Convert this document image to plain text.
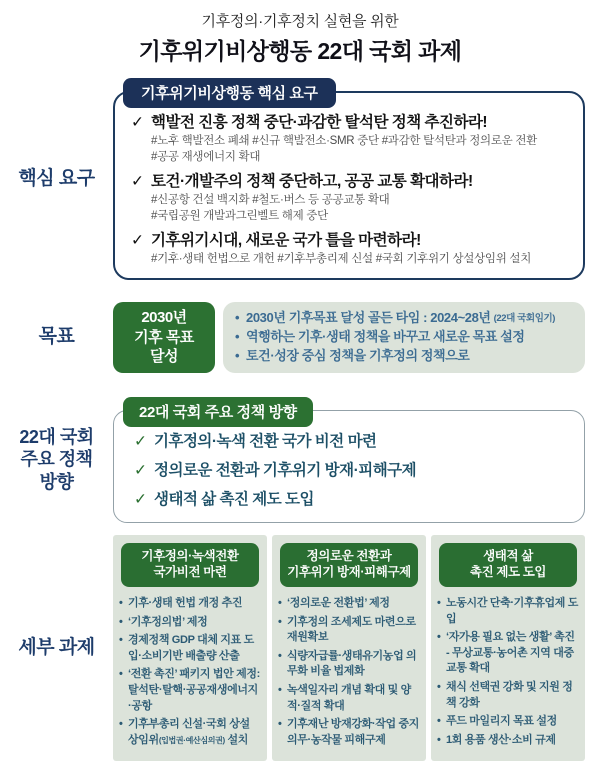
기후정의·기후정치 실현을 위한
기후위기비상행동 22대 국회 과제
핵심 요구
기후위기비상행동 핵심 요구
✓ 핵발전 진흥 정책 중단·과감한 탈석탄 정책 추진하라!
#노후 핵발전소 폐쇄 #신규 핵발전소·SMR 중단 #과감한 탈석탄과 정의로운 전환
#공공 재생에너지 확대
✓ 토건·개발주의 정책 중단하고, 공공 교통 확대하라!
#신공항 건설 백지화 #철도·버스 등 공공교통 확대
#국립공원 개발과그린벨트 해제 중단
✓ 기후위기시대, 새로운 국가 틀을 마련하라!
#기후·생태 헌법으로 개헌 #기후부총리제 신설 #국회 기후위기 상설상임위 설치
목표
2030년
기후 목표
달성
• 2030년 기후목표 달성 골든 타임 : 2024~28년 (22대 국회임기)
• 역행하는 기후·생태 정책을 바꾸고 새로운 목표 설정
• 토건·성장 중심 정책을 기후정의 정책으로
22대 국회
주요 정책
방향
22대 국회 주요 정책 방향
✓ 기후정의·녹색 전환 국가 비전 마련
✓ 정의로운 전환과 기후위기 방재·피해구제
✓ 생태적 삶 촉진 제도 도입
세부 과제
기후정의·녹색전환
국가비전 마련
• 기후·생태 헌법 개정 추진
• ‘기후정의법’ 제정
• 경제정책 GDP 대체 지표 도입·소비기반 배출량 산출
• ‘전환 촉진’ 패키지 법안 제정: 탈석탄·탈핵·공공재생에너지·공항
• 기후부총리 신설·국회 상설 상임위(입법권·예산심의권) 설치
정의로운 전환과
기후위기 방재·피해구제
• ‘정의로운 전환법’ 제정
• 기후정의 조세제도 마련으로 재원확보
• 식량자급률·생태유기농업 의무화 비율 법제화
• 녹색일자리 개념 확대 및 양적·질적 확대
• 기후재난 방재강화·작업 중지의무·농작물 피해구제
생태적 삶
촉진 제도 도입
• 노동시간 단축·기후휴업제 도입
• ‘자가용 필요 없는 생활’ 촉진 - 무상교통·농어촌 지역 대중교통 확대
• 채식 선택권 강화 및 지원 정책 강화
• 푸드 마일리지 목표 설정
• 1회 용품 생산·소비 규제
